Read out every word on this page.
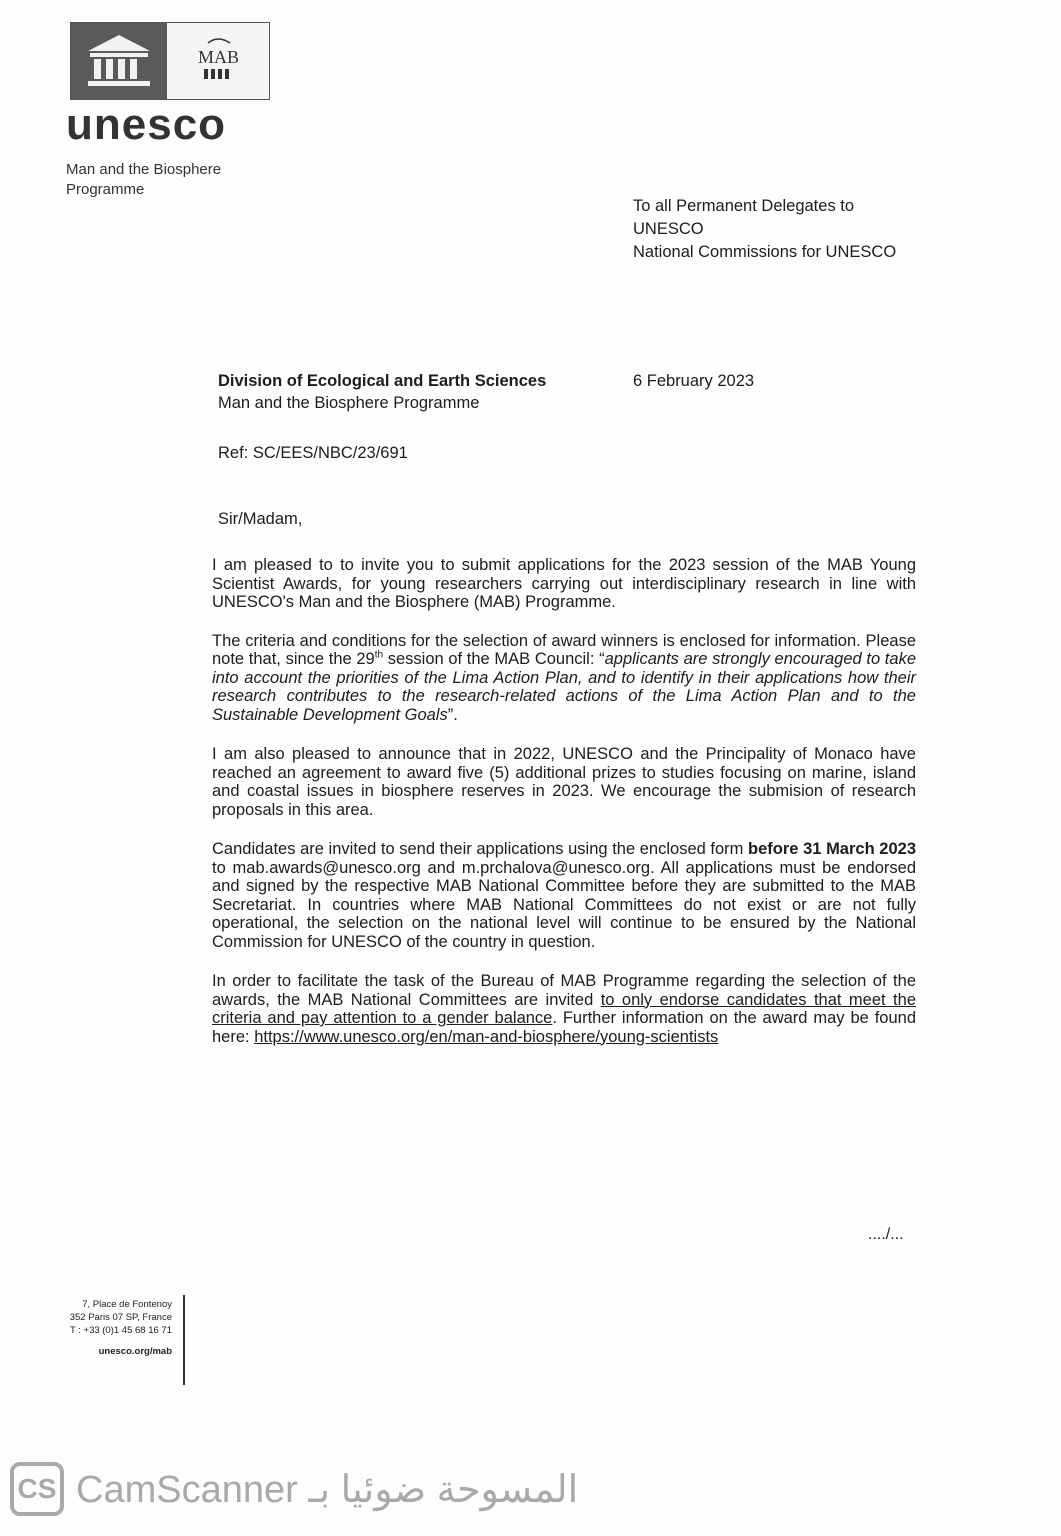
MAB
unesco
Man and the Biosphere
Programme
To all Permanent Delegates to
UNESCO
National Commissions for UNESCO
Division of Ecological and Earth Sciences
Man and the Biosphere Programme
6 February 2023
Ref: SC/EES/NBC/23/691
Sir/Madam,

I am pleased to to invite you to submit applications for the 2023 session of the MAB Young Scientist Awards, for young researchers carrying out interdisciplinary research in line with UNESCO's Man and the Biosphere (MAB) Programme.

The criteria and conditions for the selection of award winners is enclosed for information. Please note that, since the 29th session of the MAB Council: “applicants are strongly encouraged to take into account the priorities of the Lima Action Plan, and to identify in their applications how their research contributes to the research-related actions of the Lima Action Plan and to the Sustainable Development Goals”.

I am also pleased to announce that in 2022, UNESCO and the Principality of Monaco have reached an agreement to award five (5) additional prizes to studies focusing on marine, island and coastal issues in biosphere reserves in 2023. We encourage the submision of research proposals in this area.

Candidates are invited to send their applications using the enclosed form before 31 March 2023 to mab.awards@unesco.org and m.prchalova@unesco.org. All applications must be endorsed and signed by the respective MAB National Committee before they are submitted to the MAB Secretariat. In countries where MAB National Committees do not exist or are not fully operational, the selection on the national level will continue to be ensured by the National Commission for UNESCO of the country in question.

In order to facilitate the task of the Bureau of MAB Programme regarding the selection of the awards, the MAB National Committees are invited to only endorse candidates that meet the criteria and pay attention to a gender balance. Further information on the award may be found here: https://www.unesco.org/en/man-and-biosphere/young-scientists

..../...
7, Place de Fontenoy
352 Paris 07 SP, France
T : +33 (0)1 45 68 16 71
unesco.org/mab
CS CamScanner المسوحة ضوئيا بـ
